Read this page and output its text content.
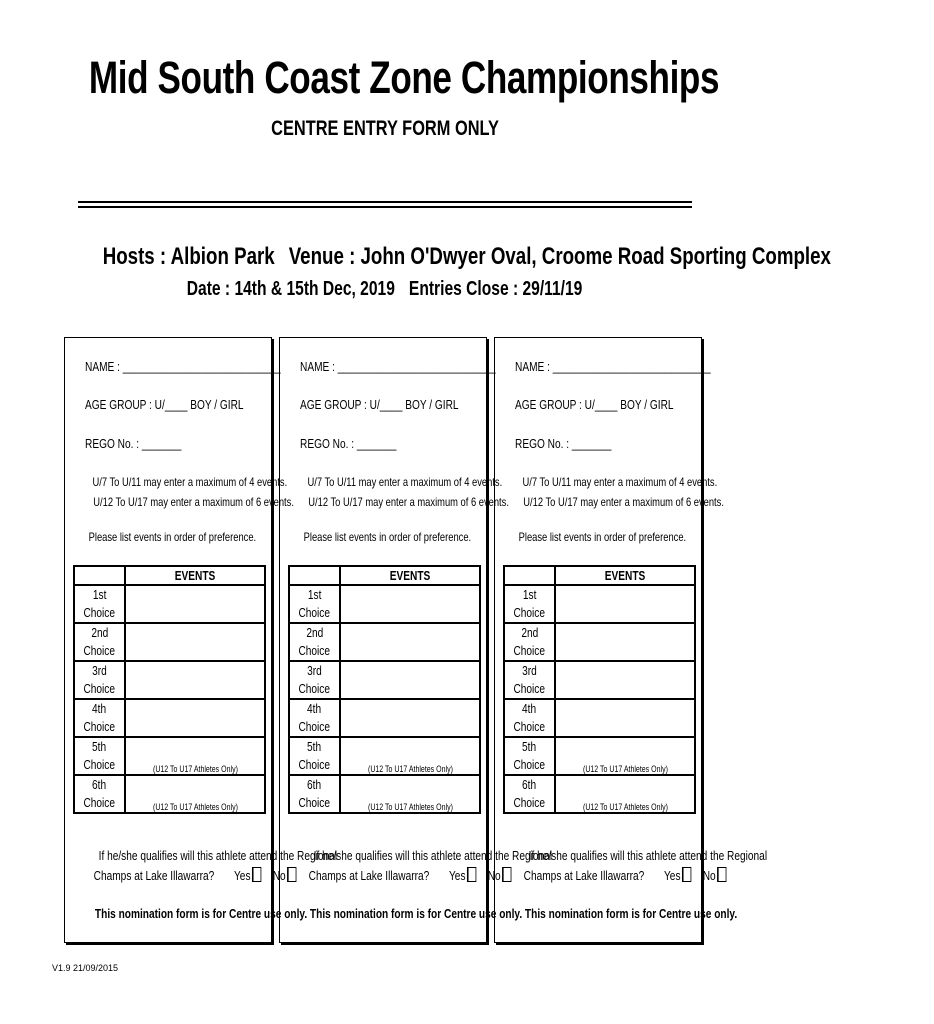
Mid South Coast Zone Championships
CENTRE ENTRY FORM ONLY
Hosts : Albion Park Venue : John O'Dwyer Oval, Croome Road Sporting Complex
Date : 14th & 15th Dec, 2019 Entries Close : 29/11/19
NAME : ____________________________
AGE GROUP : U/____ BOY / GIRL
REGO No. : _______
U/7 To U/11 may enter a maximum of 4 events.
U/12 To U/17 may enter a maximum of 6 events.
Please list events in order of preference.
	EVENTS
1st
Choice	
2nd
Choice	
3rd
Choice	
4th
Choice	
5th
Choice	(U12 To U17 Athletes Only)
6th
Choice	(U12 To U17 Athletes Only)
If he/she qualifies will this athlete attend the Regional
Champs at Lake Illawarra? Yes No
This nomination form is for Centre use only.
NAME : ____________________________
AGE GROUP : U/____ BOY / GIRL
REGO No. : _______
U/7 To U/11 may enter a maximum of 4 events.
U/12 To U/17 may enter a maximum of 6 events.
Please list events in order of preference.
	EVENTS
1st
Choice	
2nd
Choice	
3rd
Choice	
4th
Choice	
5th
Choice	(U12 To U17 Athletes Only)
6th
Choice	(U12 To U17 Athletes Only)
If he/she qualifies will this athlete attend the Regional
Champs at Lake Illawarra? Yes No
This nomination form is for Centre use only.
NAME : ____________________________
AGE GROUP : U/____ BOY / GIRL
REGO No. : _______
U/7 To U/11 may enter a maximum of 4 events.
U/12 To U/17 may enter a maximum of 6 events.
Please list events in order of preference.
	EVENTS
1st
Choice	
2nd
Choice	
3rd
Choice	
4th
Choice	
5th
Choice	(U12 To U17 Athletes Only)
6th
Choice	(U12 To U17 Athletes Only)
If he/she qualifies will this athlete attend the Regional
Champs at Lake Illawarra? Yes No
This nomination form is for Centre use only.
V1.9 21/09/2015
